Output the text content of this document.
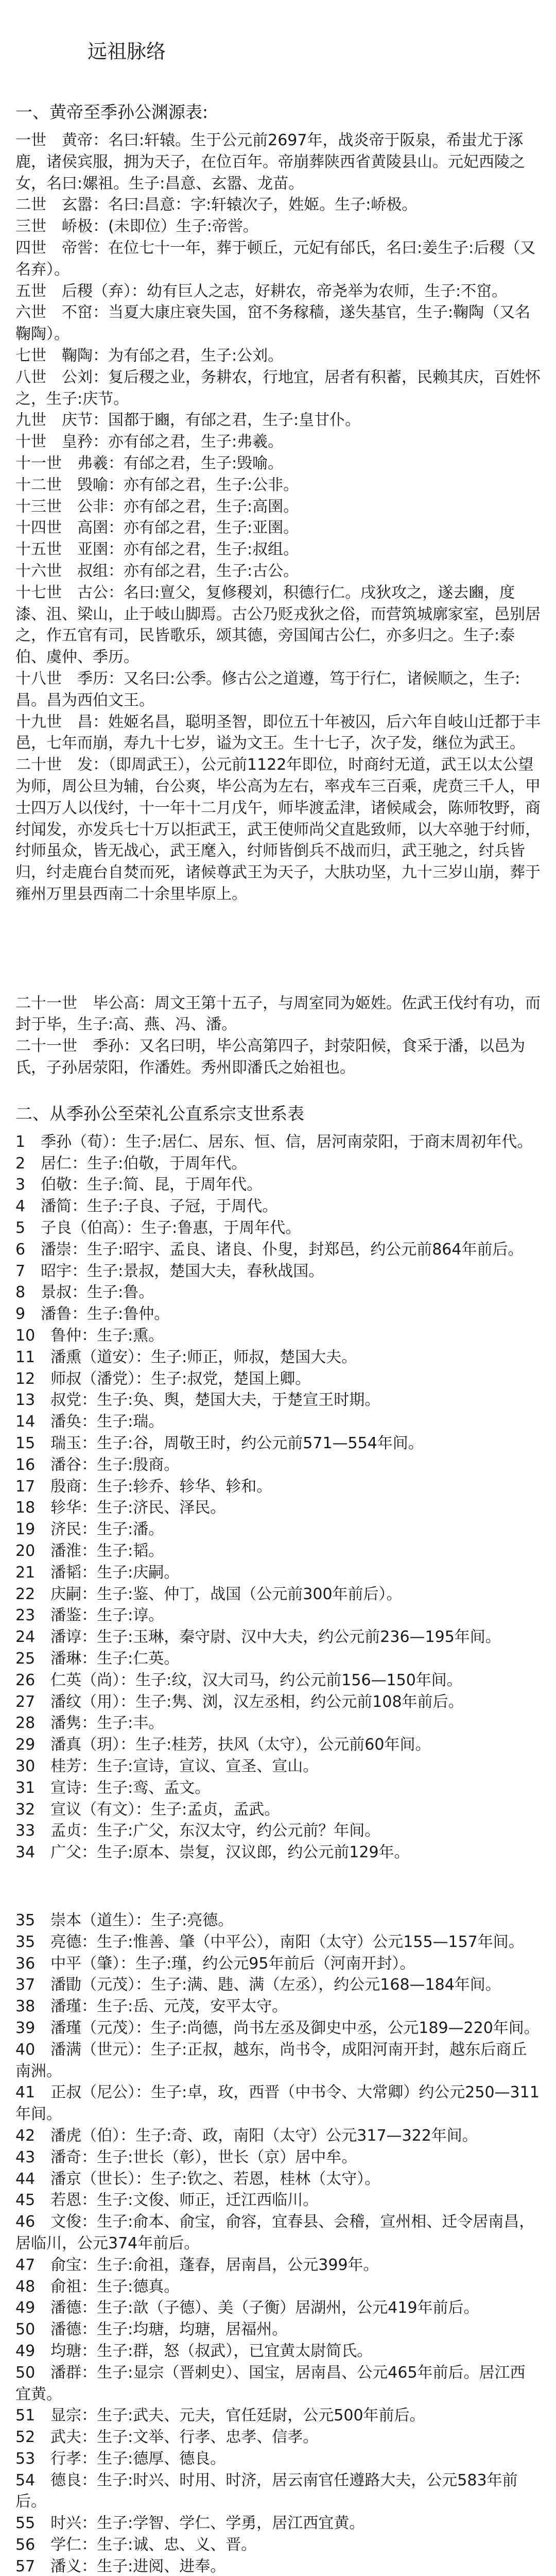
远祖脉络
一、黄帝至季孙公渊源表:
一世　黄帝：名曰:轩辕。生于公元前2697年，战炎帝于阪泉，希蚩尤于涿鹿，诸侯宾服，拥为天子，在位百年。帝崩葬陕西省黄陵县山。元妃西陵之女，名曰:嫘祖。生子:昌意、玄嚣、龙苗。
二世　玄嚣：名曰:昌意：字:轩辕次子，姓姬。生子:峤极。
三世　峤极：(未即位）生子:帝喾。
四世　帝喾：在位七十一年，葬于顿丘，元妃有邰氏，名曰:姜生子:后稷（又名弃）。
五世　后稷（弃）：幼有巨人之志，好耕农，帝尧举为农师，生子:不窋。
六世　不窋：当夏大康庄衰失国，窋不务稼穑，遂失基官，生子:鞠陶（又名鞠陶）。
七世　鞠陶：为有邰之君，生子:公刘。
八世　公刘：复后稷之业，务耕农，行地宜，居者有积蓄，民赖其庆，百姓怀之，生子:庆节。
九世　庆节：国都于豳，有邰之君，生子:皇甘仆。
十世　皇矜：亦有邰之君，生子:弗羲。
十一世　弗羲：有邰之君，生子:毁喻。
十二世　毁喻：亦有邰之君，生子:公非。
十三世　公非：亦有邰之君，生子:高圉。
十四世　高圉：亦有邰之君，生子:亚圉。
十五世　亚圉：亦有邰之君，生子:叔组。
十六世　叔组：亦有邰之君，生子:古公。
十七世　古公：名曰:亶父，复修稷刘，积德行仁。戌狄攻之，遂去豳，度漆、沮、梁山，止于岐山脚焉。古公乃贬戎狄之俗，而营筑城廓家室，邑别居之，作五官有司，民皆歌乐，颂其德，旁国闻古公仁，亦多归之。生子:泰伯、虞仲、季历。
十八世　季历：又名曰:公季。修古公之道遵，笃于行仁，诸候顺之，生子:昌。昌为西伯文王。
十九世　昌：姓姬名昌，聪明圣智，即位五十年被囚，后六年自岐山迁都于丰邑，七年而崩，寿九十七岁，谥为文王。生十七子，次子发，继位为武王。
二十世　发：（即周武王），公元前1122年即位，时商纣无道，武王以太公望为师，周公旦为辅，台公爽，毕公高为左右，率戎车三百乘，虎贲三千人，甲士四万人以伐纣，十一年十二月戊午，师毕渡孟津，诸候咸会，陈师牧野，商纣闻发，亦发兵七十万以拒武王，武王使师尚父直匙致师，以大卒驰于纣师，纣师虽众，皆无战心，武王麾入，纣师皆倒兵不战而归，武王驰之，纣兵皆归，纣走鹿台自焚而死，诸候尊武王为天子，大肤功坚，九十三岁山崩，葬于雍州万里县西南二十余里毕原上。
二十一世　毕公高：周文王第十五子，与周室同为姬姓。佐武王伐纣有功，而封于毕，生子:高、燕、冯、潘。
二十一世　季孙：又名曰明，毕公高第四子，封荥阳候，食采于潘，以邑为氏，子孙居荥阳，作潘姓。秀州即潘氏之始祖也。
二、从季孙公至荣礼公直系宗支世系表
1　季孙（荀）：生子:居仁、居东、恒、信，居河南荥阳，于商末周初年代。
2　居仁：生子:伯敬，于周年代。
3　伯敬：生子:简、昆，于周年代。
4　潘简：生子:子良、子冠，于周代。
5　子良（伯高）：生子:鲁惠，于周年代。
6　潘崇：生子:昭宇、孟良、诸良、仆叟，封郑邑，约公元前864年前后。
7　昭宇：生子:景叔，楚国大夫，春秋战国。
8　景叔：生子:鲁。
9　潘鲁：生子:鲁仲。
10　鲁仲：生子:熏。
11　潘熏（道安）：生子:师正，师叔，楚国大夫。
12　师叔（潘党）：生子:叔党，楚国上卿。
13　叔党：生子:奂、舆，楚国大夫，于楚宣王时期。
14　潘奂：生子:瑞。
15　瑞玉：生子:谷，周敬王时，约公元前571—554年间。
16　潘谷：生子:殷商。
17　殷商：生子:轸乔、轸华、轸和。
18　轸华：生子:济民、泽民。
19　济民：生子:潘。
20　潘淮：生子:韬。
21　潘韬：生子:庆嗣。
22　庆嗣：生子:鉴、仲丁，战国（公元前300年前后）。
23　潘鉴：生子:谆。
24　潘谆：生子:玉琳，秦守尉、汉中大夫，约公元前236—195年间。
25　潘琳：生子:仁英。
26　仁英（尚）：生子:纹，汉大司马，约公元前156—150年间。
27　潘纹（用）：生子:隽、浏，汉左丞相，约公元前108年前后。
28　潘隽：生子:丰。
29　潘真（玥）：生子:桂芳，扶风（太守），公元前60年间。
30　桂芳：生子:宣诗，宣议、宣圣、宣山。
31　宣诗：生子:鸾、孟文。
32　宣议（有文）：生子:孟贞，孟武。
33　孟贞：生子:广父，东汉太守，约公元前？年间。
34　广父：生子:原本、崇复，汉议郎，约公元前129年。
35　崇本（道生）：生子:亮德。
35　亮德：生子:惟善、肇（中平公），南阳（太守）公元155—157年间。
36　中平（肇）：生子:瑾，约公元95年前后（河南开封）。
37　潘勖（元茂）：生子:满、韪、满（左丞），约公元168—184年间。
38　潘瑾：生子:岳、元茂，安平太守。
39　潘瑾（元茂）：生子:尚德，尚书左丞及御史中丞，公元189—220年间。
40　潘满（世元）：生子:正叔，越东，尚书令，成阳河南开封，越东后商丘南洲。
41　正叔（尼公）：生子:卓，玫，西晋（中书令、大常卿）约公元250—311年间。
42　潘虎（伯）：生子:奇、政，南阳（太守）公元317—322年间。
43　潘奇：生子:世长（彰），世长（京）居中牟。
44　潘京（世长）：生子:钦之、若恩，桂林（太守）。
45　若恩：生子:文俊、师正，迁江西临川。
46　文俊：生子:俞本、俞宝，俞容，宜春县、会稽，宣州相、迁令居南昌，居临川，公元374年前后。
47　俞宝：生子:俞祖，蓬春，居南昌，公元399年。
48　俞祖：生子:德真。
49　潘德：生子:歆（子德）、美（子衡）居湖州，公元419年前后。
50　潘德：生子:均瑭，均瑭，居福州。
49　均瑭：生子:群，怒（叔武），已宜黄太尉简氏。
50　潘群：生子:显宗（晋刺史）、国宝，居南昌、公元465年前后。居江西宜黄。
51　显宗：生子:武夫、元夫，官任廷尉，公元500年前后。
52　武夫：生子:文举、行孝、忠孝、信孝。
53　行孝：生子:德厚、德良。
54　德良：生子:时兴、时用、时济，居云南官任遵路大夫，公元583年前后。
55　时兴：生子:学智、学仁、学勇，居江西宜黄。
56　学仁：生子:诚、忠、义、晋。
57　潘义：生子:进阅、进奉。
